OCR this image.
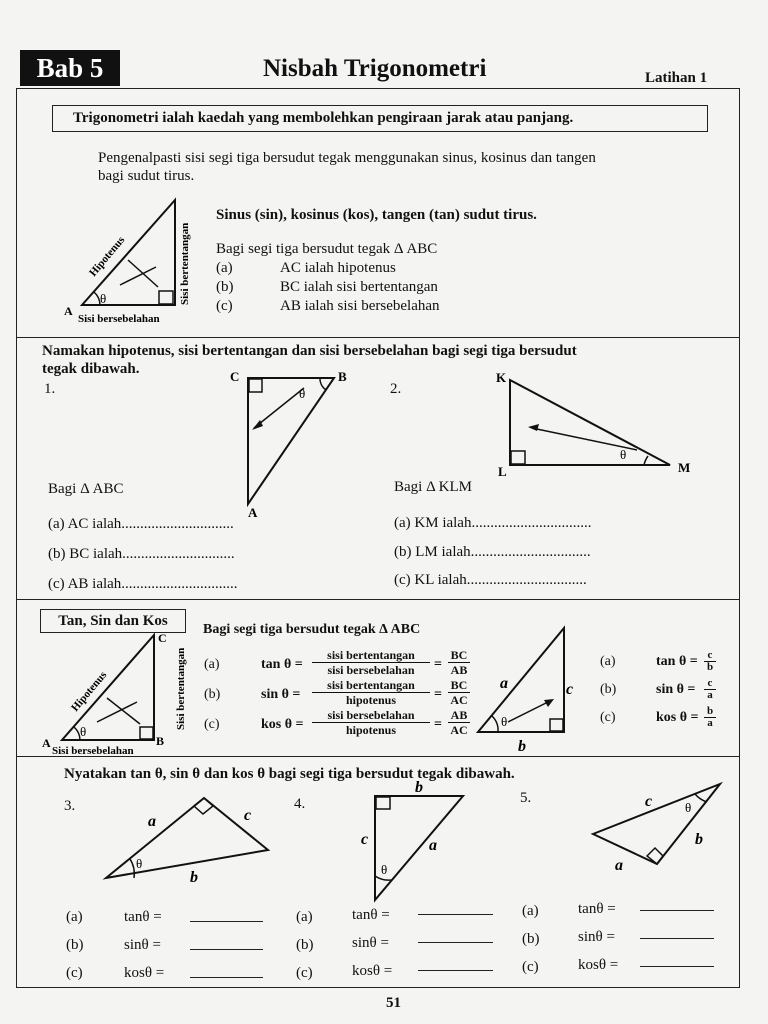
Bab 5	Nisbah Trigonometri	Latihan 1
Trigonometri ialah kaedah yang membolehkan pengiraan jarak atau panjang.
Pengenalpasti sisi segi tiga bersudut tegak menggunakan sinus, kosinus dan tangen
bagi sudut tirus.
θ
A
Sisi bersebelahan
Hipotenus	Sisi bertentangan
Sinus (sin), kosinus (kos), tangen (tan) sudut tirus.
Bagi segi tiga bersudut tegak Δ ABC
(a)	AC ialah hipotenus
(b)	BC ialah sisi bertentangan
(c)	AB ialah sisi bersebelahan
Namakan hipotenus, sisi bertentangan dan sisi bersebelahan bagi segi tiga bersudut
tegak dibawah.
1.
C	B
A
θ	2.
K
L	M
θ
Bagi Δ ABC
(a) AC ialah..............................
(b) BC ialah..............................
(c) AB ialah...............................
Bagi Δ KLM
(a) KM ialah................................
(b) LM ialah................................
(c) KL ialah................................
Tan, Sin dan Kos
θ
A	B
C
Sisi bersebelahan
Hipotenus	Sisi bertentangan
Bagi segi tiga bersudut tegak Δ ABC
(a)	tan θ =
sisi bertentangan
sisi bersebelahan	= $\frac{BC}{AB}$
(b)	sin θ =
sisi bertentangan
hipotenus	= $\frac{BC}{AC}$
(c)	kos θ =
sisi bersebelahan
hipotenus	= $\frac{AB}{AC}$ θ
a	c
b
(a)	$\tan \theta = \frac{c}{b}$
(b)	$\sin \theta = \frac{c}{a}$
(c)	kos $\theta = \frac{b}{a}$
Nyatakan tan θ, sin θ dan kos θ bagi segi tiga bersudut tegak dibawah.
3.
θ
a	c
b
4.
θ
b
c	a
5.
θ
c
b
a
(a)	tanθ =
(b)	sinθ =
(c)	kosθ =
(a)	tanθ =
(b)	sinθ =
(c)	kosθ =
(a)	tanθ =
(b)	sinθ =
(c)	kosθ =
51
